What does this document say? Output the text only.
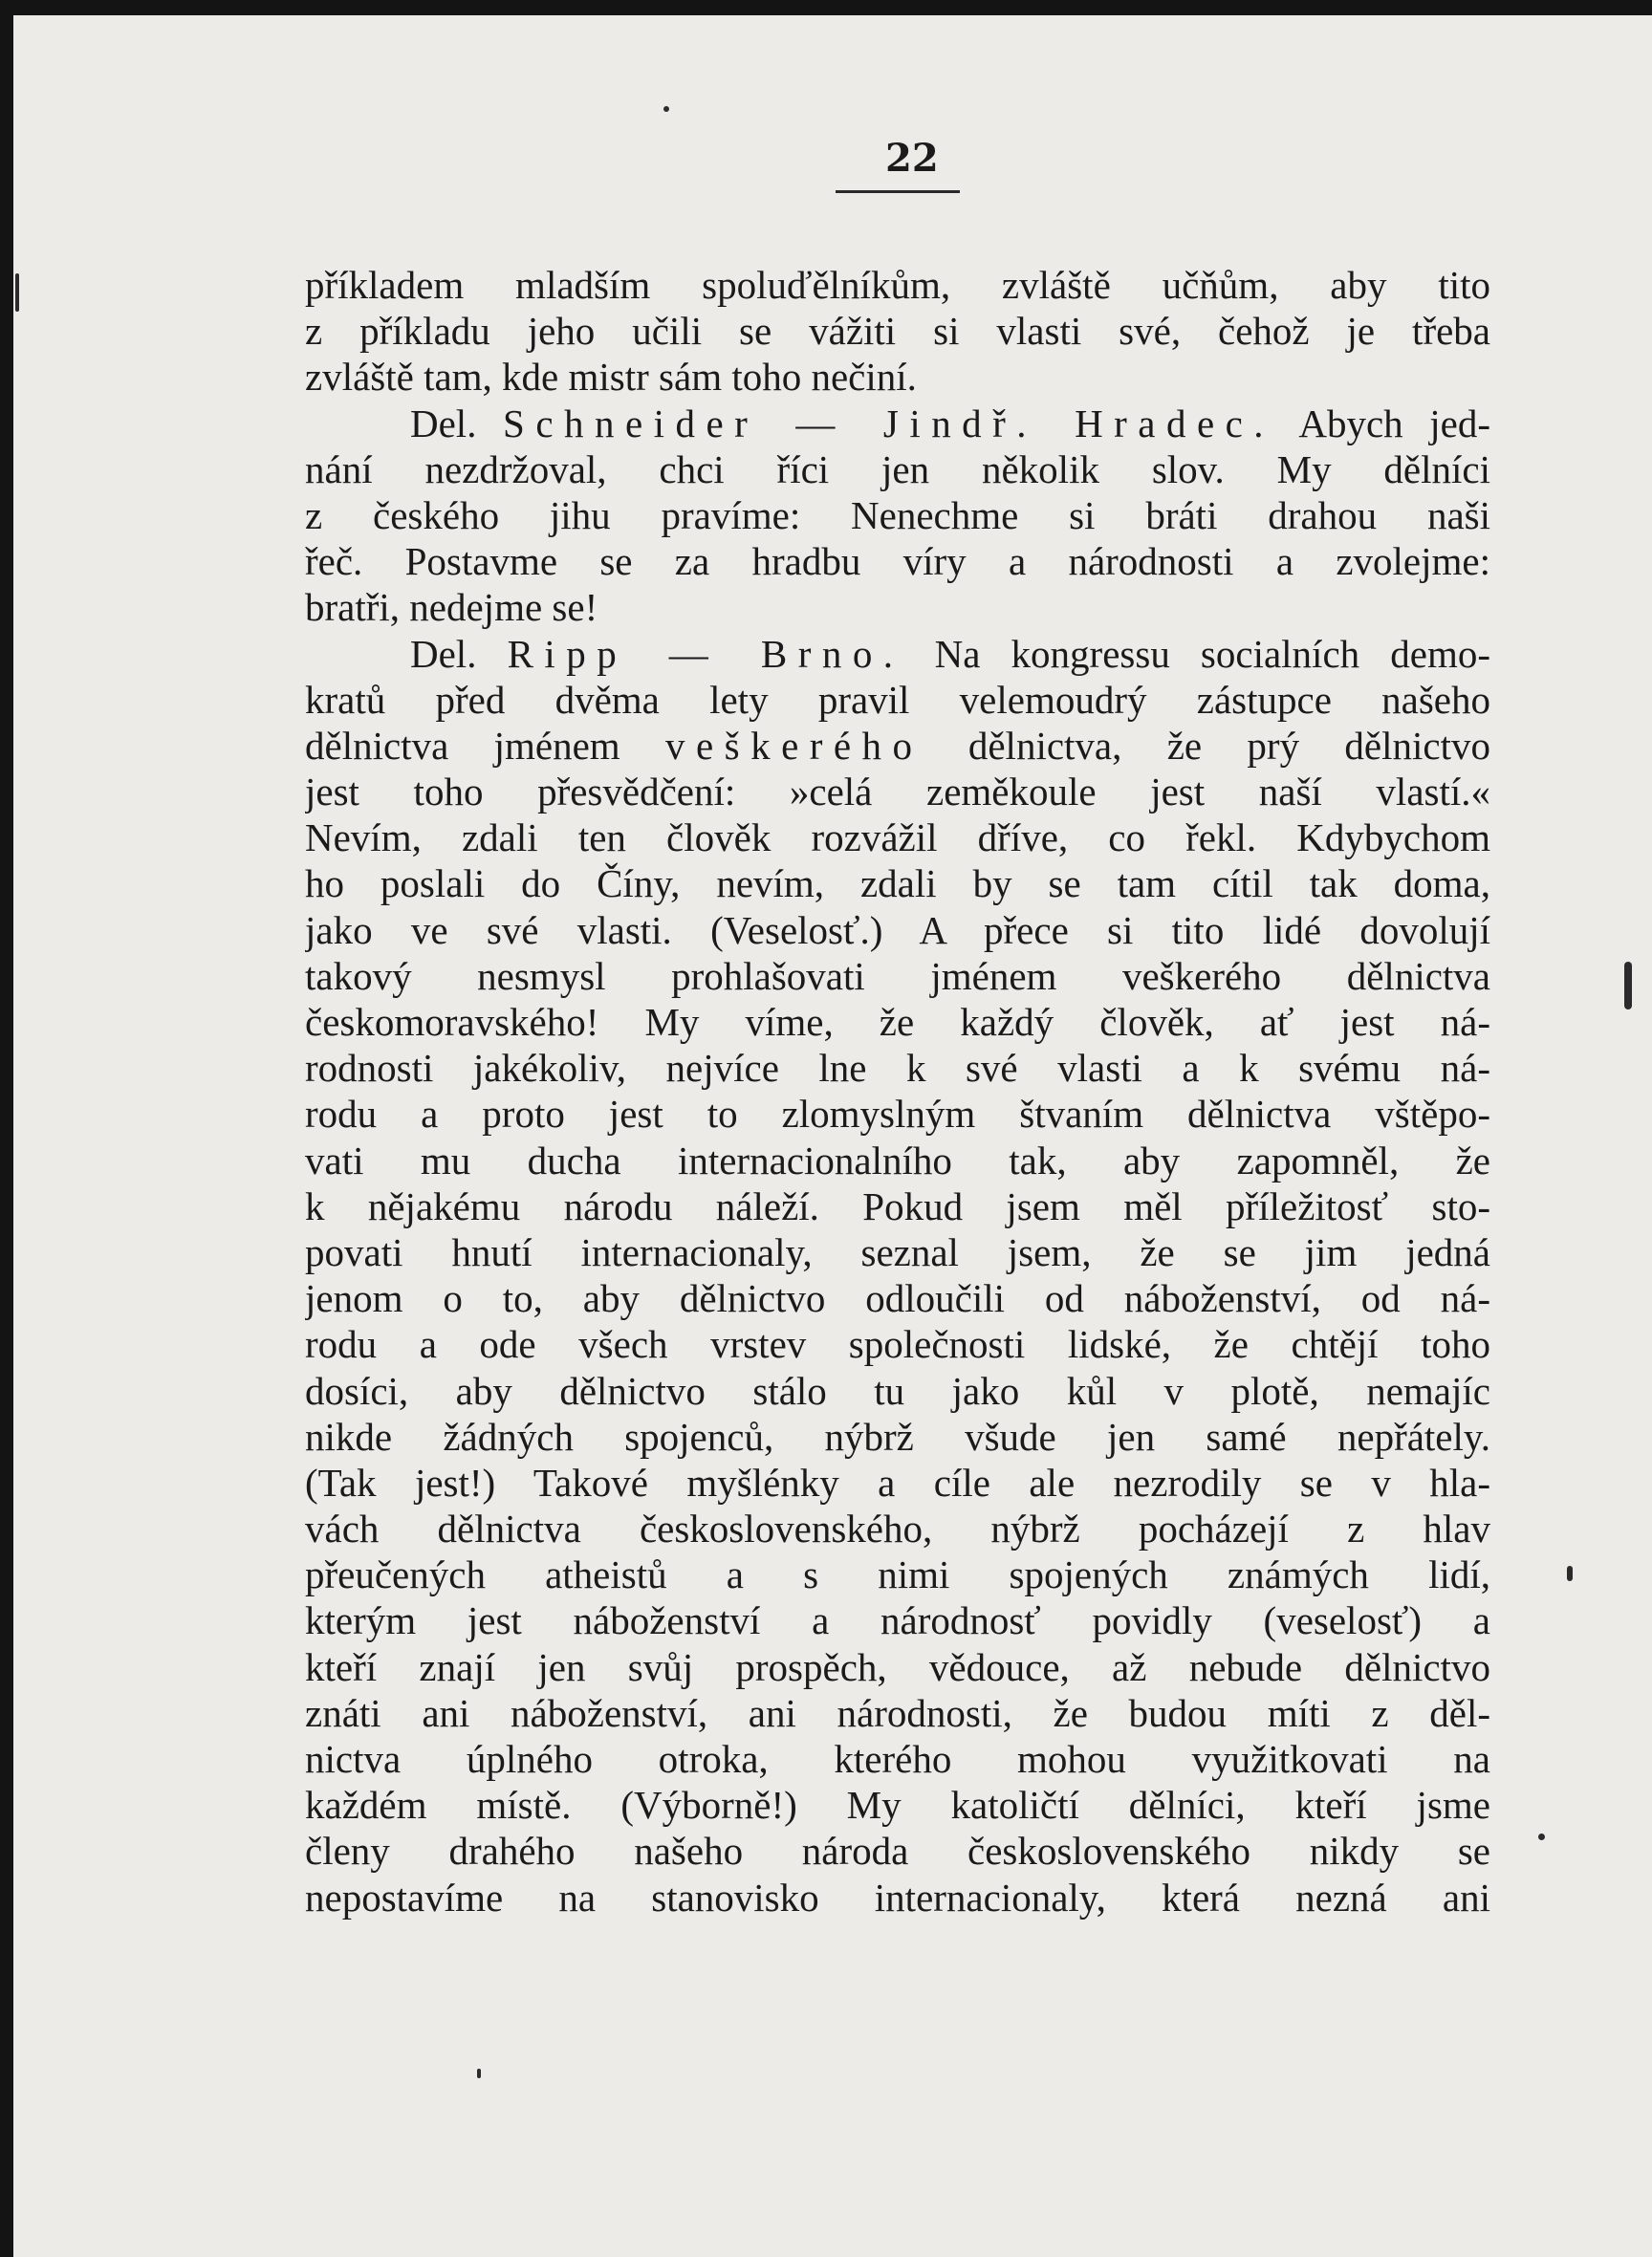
22

příkladem mladším spoluďělníkům, zvláště učňům, aby tito

z příkladu jeho učili se vážiti si vlasti své, čehož je třeba

zvláště tam, kde mistr sám toho nečiní.

Del. Schneider — Jindř. Hradec. Abych jed-

nání nezdržoval, chci říci jen několik slov. My dělníci

z českého jihu pravíme: Nenechme si bráti drahou naši

řeč. Postavme se za hradbu víry a národnosti a zvolejme:

bratři, nedejme se!

Del. Ripp — Brno. Na kongressu socialních demo-

kratů před dvěma lety pravil velemoudrý zástupce našeho

dělnictva jménem veškerého dělnictva, že prý dělnictvo

jest toho přesvědčení: »celá zeměkoule jest naší vlastí.«

Nevím, zdali ten člověk rozvážil dříve, co řekl. Kdybychom

ho poslali do Číny, nevím, zdali by se tam cítil tak doma,

jako ve své vlasti. (Veselosť.) A přece si tito lidé dovolují

takový nesmysl prohlašovati jménem veškerého dělnictva

českomoravského! My víme, že každý člověk, ať jest ná-

rodnosti jakékoliv, nejvíce lne k své vlasti a k svému ná-

rodu a proto jest to zlomyslným štvaním dělnictva vštěpo-

vati mu ducha internacionalního tak, aby zapomněl, že

k nějakému národu náleží. Pokud jsem měl příležitosť sto-

povati hnutí internacionaly, seznal jsem, že se jim jedná

jenom o to, aby dělnictvo odloučili od náboženství, od ná-

rodu a ode všech vrstev společnosti lidské, že chtějí toho

dosíci, aby dělnictvo stálo tu jako kůl v plotě, nemajíc

nikde žádných spojenců, nýbrž všude jen samé nepřátely.

(Tak jest!) Takové myšlénky a cíle ale nezrodily se v hla-

vách dělnictva československého, nýbrž pocházejí z hlav

přeučených atheistů a s nimi spojených známých lidí,

kterým jest náboženství a národnosť povidly (veselosť) a

kteří znají jen svůj prospěch, vědouce, až nebude dělnictvo

znáti ani náboženství, ani národnosti, že budou míti z děl-

nictva úplného otroka, kterého mohou využitkovati na

každém místě. (Výborně!) My katoličtí dělníci, kteří jsme

členy drahého našeho národa československého nikdy se

nepostavíme na stanovisko internacionaly, která nezná ani
